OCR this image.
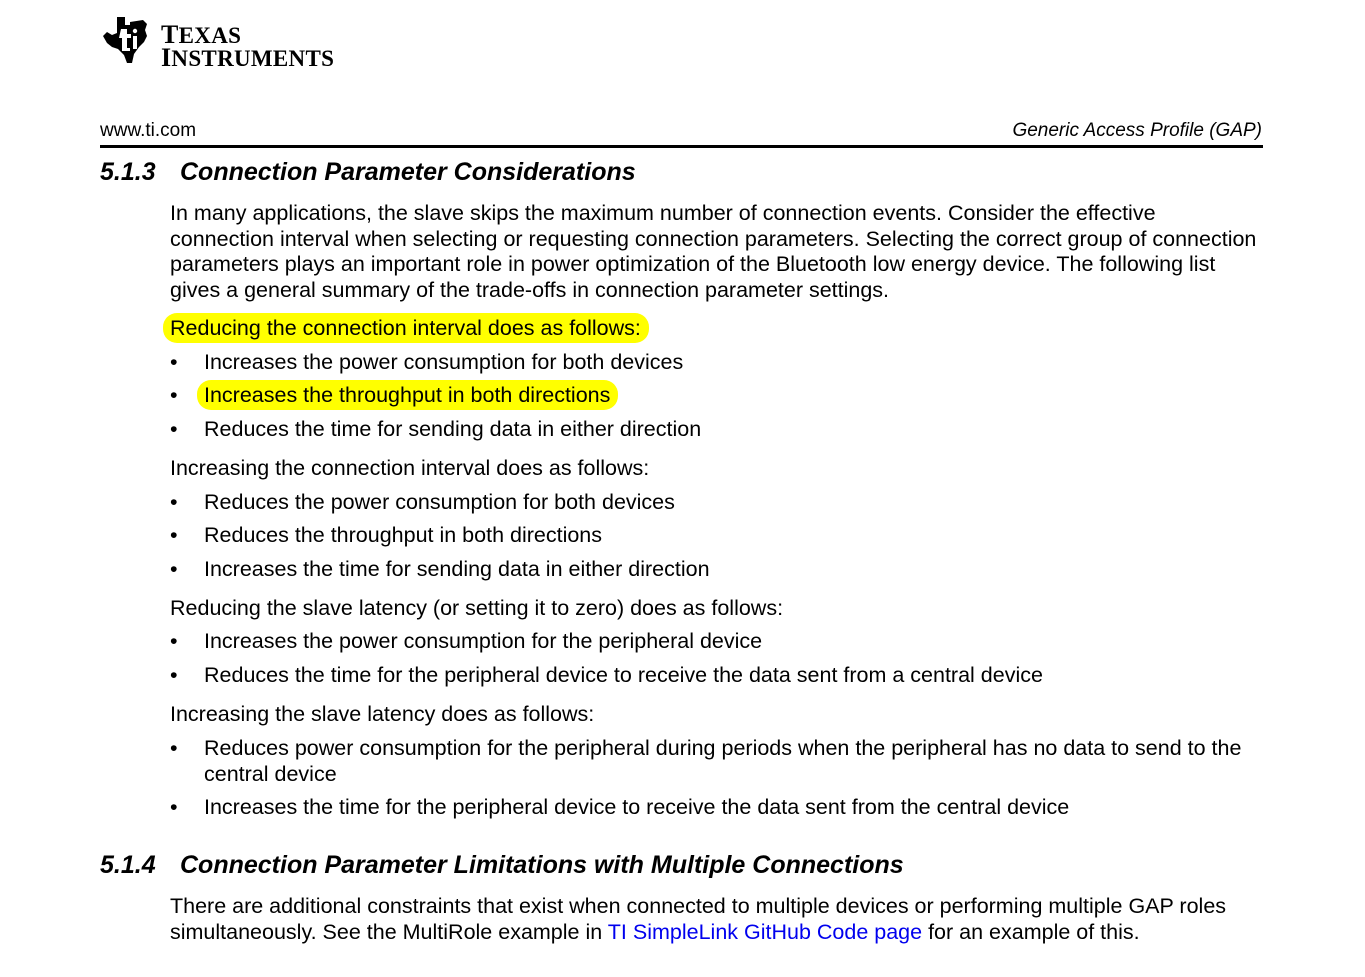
TEXAS
INSTRUMENTS
www.ti.com	Generic Access Profile (GAP)
5.1.3 Connection Parameter Considerations
In many applications, the slave skips the maximum number of connection events. Consider the effective connection interval when selecting or requesting connection parameters. Selecting the correct group of connection parameters plays an important role in power optimization of the Bluetooth low energy device. The following list gives a general summary of the trade-offs in connection parameter settings.
Reducing the connection interval does as follows:
• Increases the power consumption for both devices
• Increases the throughput in both directions
• Reduces the time for sending data in either direction
Increasing the connection interval does as follows:
• Reduces the power consumption for both devices
• Reduces the throughput in both directions
• Increases the time for sending data in either direction
Reducing the slave latency (or setting it to zero) does as follows:
• Increases the power consumption for the peripheral device
• Reduces the time for the peripheral device to receive the data sent from a central device
Increasing the slave latency does as follows:
• Reduces power consumption for the peripheral during periods when the peripheral has no data to send to the central device
• Increases the time for the peripheral device to receive the data sent from the central device
5.1.4 Connection Parameter Limitations with Multiple Connections
There are additional constraints that exist when connected to multiple devices or performing multiple GAP roles simultaneously. See the MultiRole example in TI SimpleLink GitHub Code page for an example of this.
